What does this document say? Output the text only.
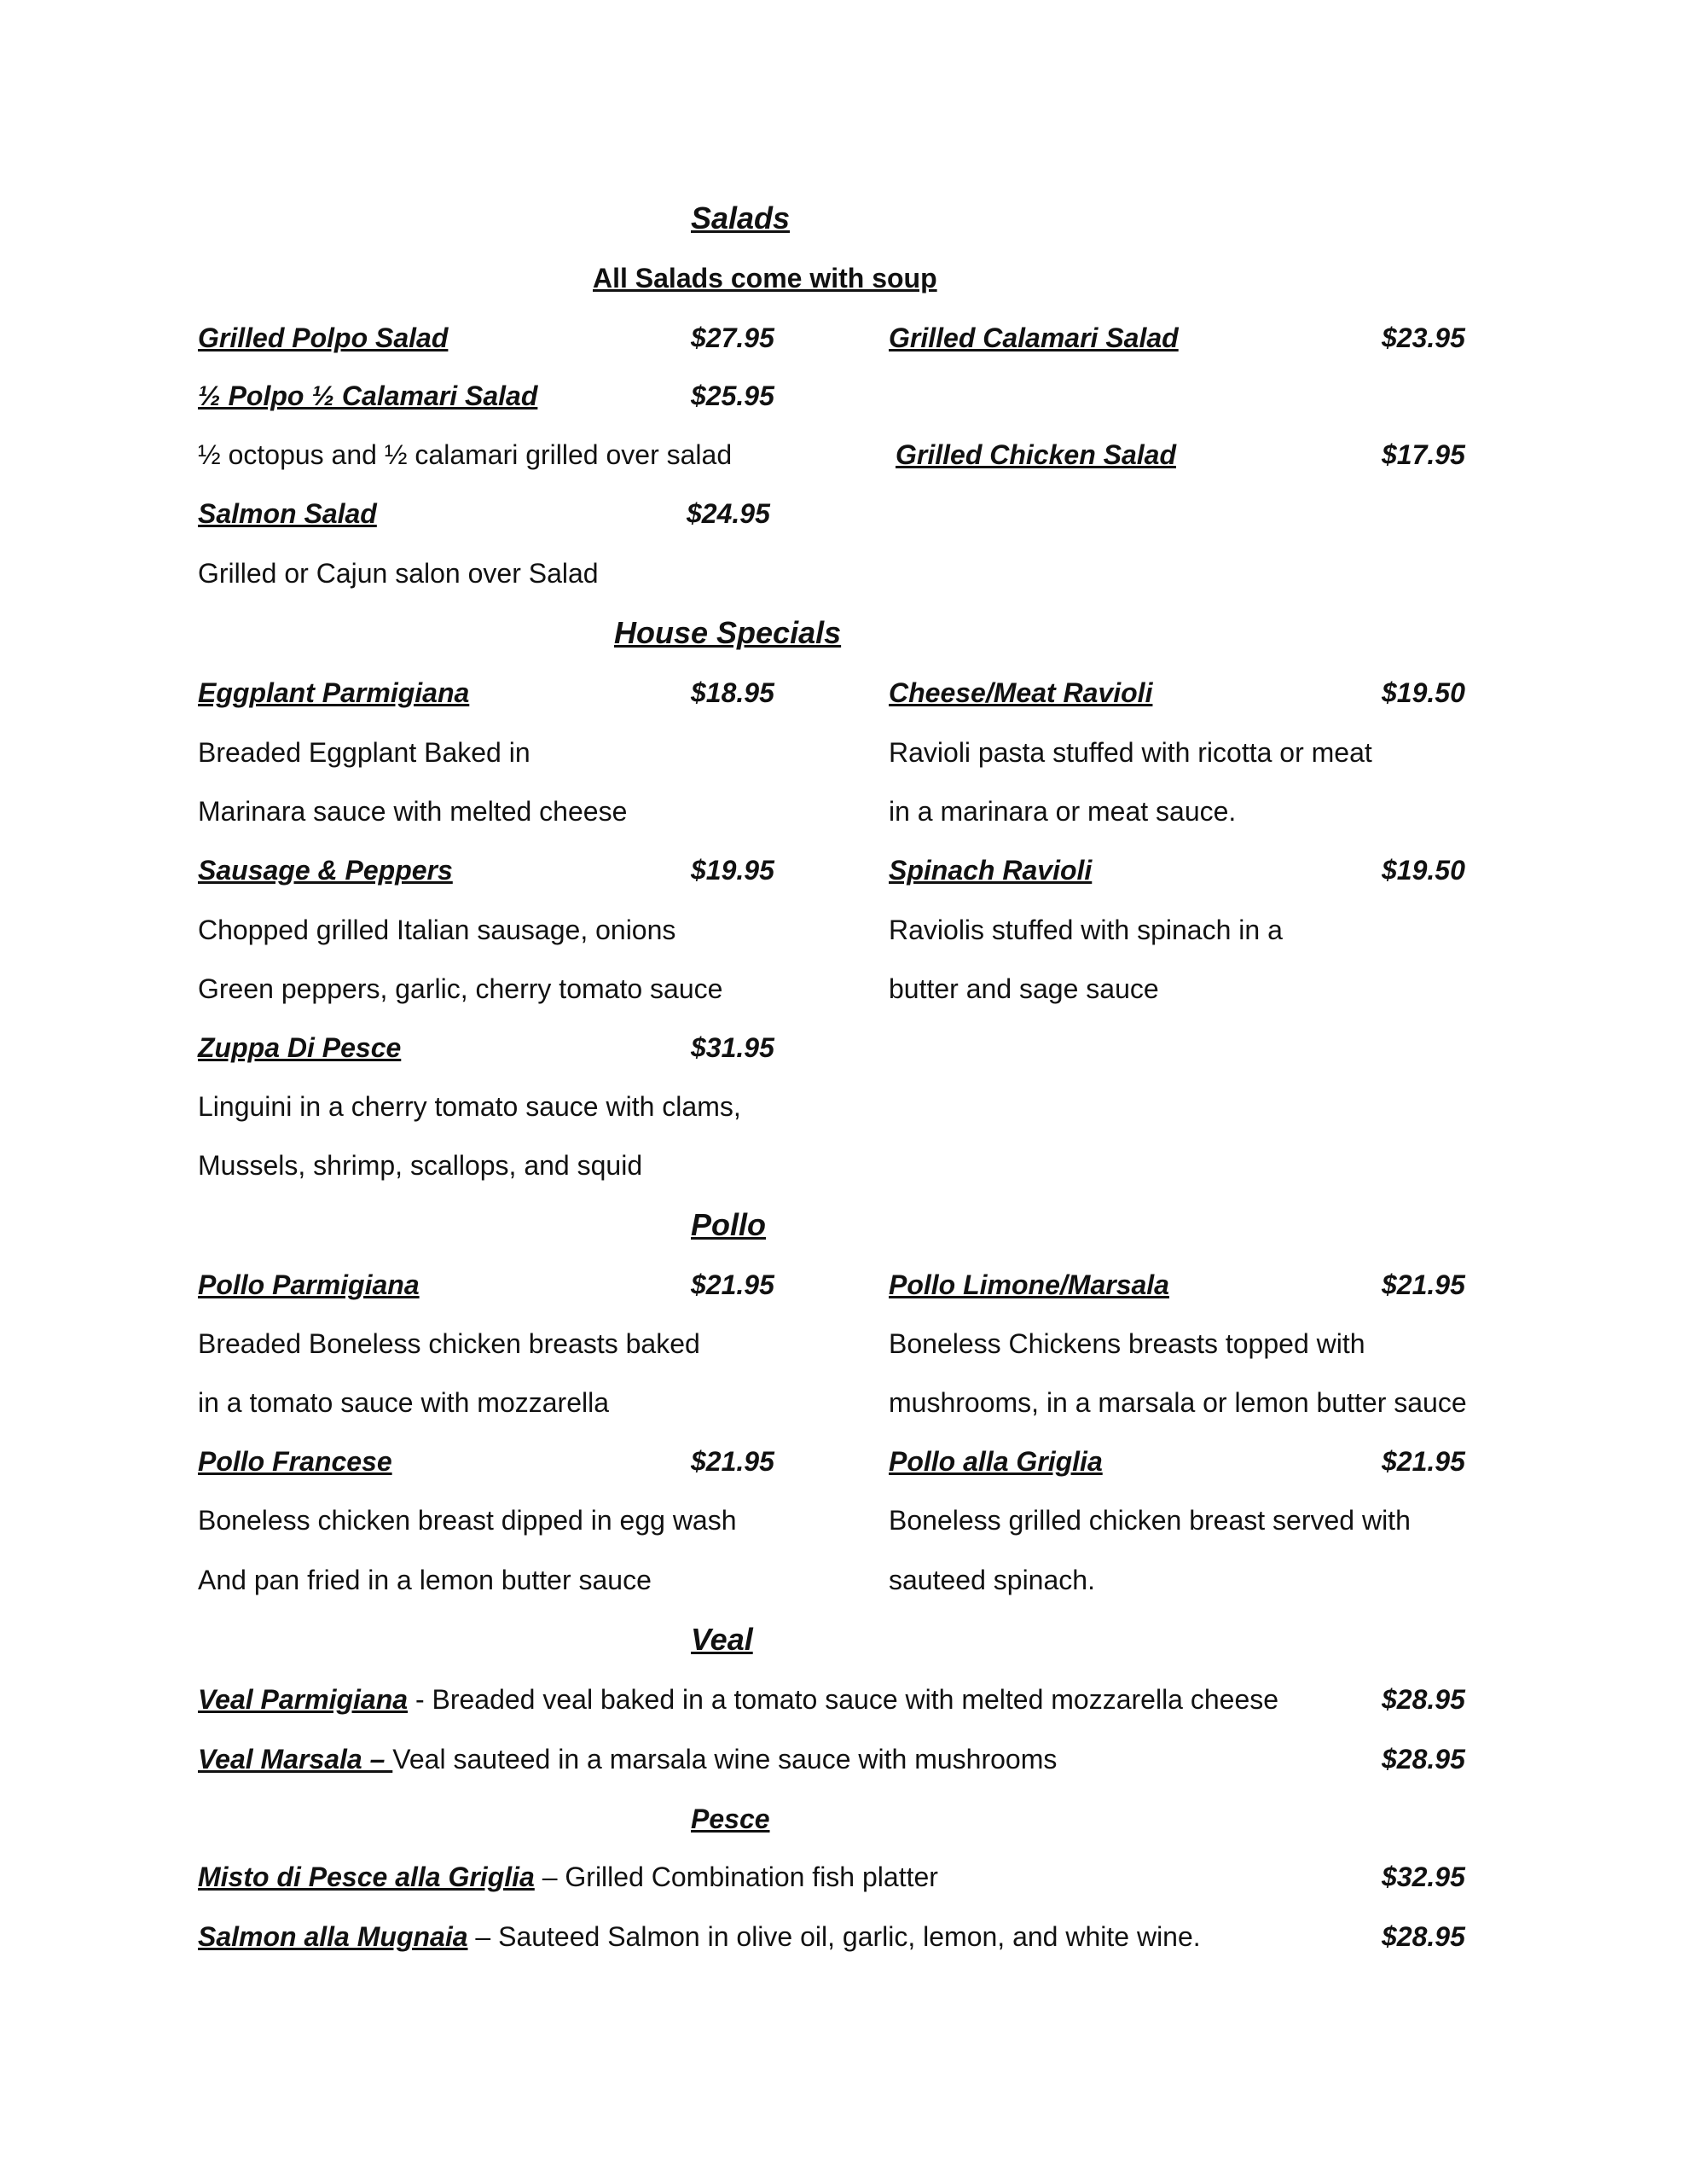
Salads
All Salads come with soup
Grilled Polpo Salad	$27.95	Grilled Calamari Salad	$23.95
½ Polpo ½ Calamari Salad	$25.95
½ octopus and ½ calamari grilled over salad	Grilled Chicken Salad	$17.95
Salmon Salad	$24.95
Grilled or Cajun salon over Salad
House Specials
Eggplant Parmigiana	$18.95	Cheese/Meat Ravioli	$19.50
Breaded Eggplant Baked in	Ravioli pasta stuffed with ricotta or meat
Marinara sauce with melted cheese	in a marinara or meat sauce.
Sausage & Peppers	$19.95	Spinach Ravioli	$19.50
Chopped grilled Italian sausage, onions	Raviolis stuffed with spinach in a
Green peppers, garlic, cherry tomato sauce	butter and sage sauce
Zuppa Di Pesce	$31.95
Linguini in a cherry tomato sauce with clams,
Mussels, shrimp, scallops, and squid
Pollo
Pollo Parmigiana	$21.95	Pollo Limone/Marsala	$21.95
Breaded Boneless chicken breasts baked	Boneless Chickens breasts topped with
in a tomato sauce with mozzarella	mushrooms, in a marsala or lemon butter sauce
Pollo Francese	$21.95	Pollo alla Griglia	$21.95
Boneless chicken breast dipped in egg wash	Boneless grilled chicken breast served with
And pan fried in a lemon butter sauce	sauteed spinach.
Veal
Veal Parmigiana - Breaded veal baked in a tomato sauce with melted mozzarella cheese	$28.95
Veal Marsala – Veal sauteed in a marsala wine sauce with mushrooms	$28.95
Pesce
Misto di Pesce alla Griglia – Grilled Combination fish platter	$32.95
Salmon alla Mugnaia – Sauteed Salmon in olive oil, garlic, lemon, and white wine.	$28.95
